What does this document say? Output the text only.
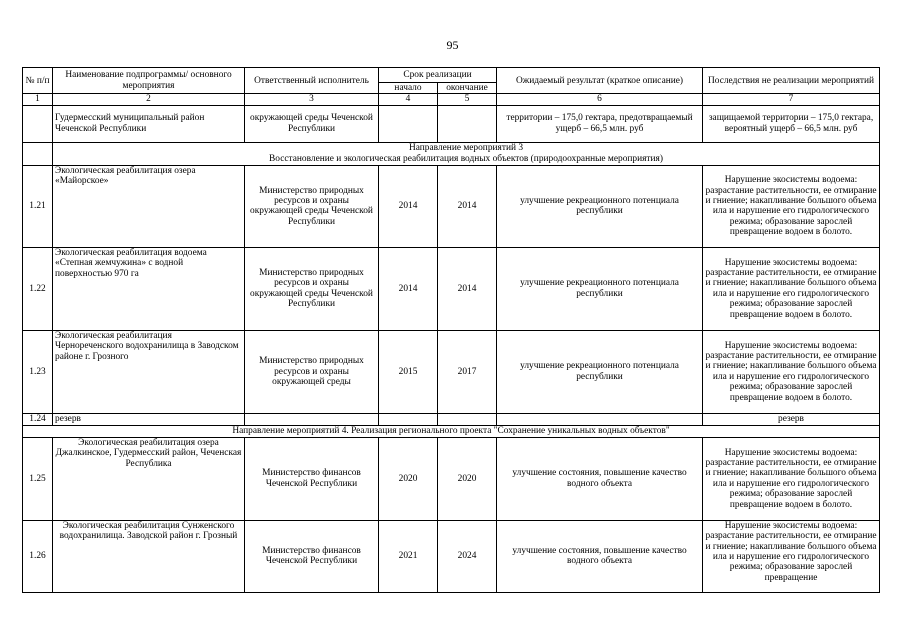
95
№ п/п	Наименование подпрограммы/ основного мероприятия	Ответственный исполнитель	Срок реализации		Ожидаемый результат (краткое описание)	Последствия не реализации мероприятий
			начало	окончание		
1	2	3	4	5	6	7
	Гудермесский муниципальный район Чеченской Республики	окружающей среды Чеченской Республики			территории – 175,0 гектара, предотвращаемый ущерб – 66,5 млн. руб	защищаемой территории – 175,0 гектара, вероятный ущерб – 66,5 млн. руб

	Направление мероприятий 3
Восстановление и экологическая реабилитация водных объектов (природоохранные мероприятия)					

1.21	Экологическая реабилитация озера «Майорское»	Министерство природных ресурсов и охраны окружающей среды Чеченской Республики	2014	2014	улучшение рекреационного потенциала республики	Нарушение экосистемы водоема: разрастание растительности, ее отмирание и гниение; накапливание большого объема ила и нарушение его гидрологического режима; образование зарослей превращение водоем в болото.
1.22	Экологическая реабилитация водоема «Степная жемчужина» с водной поверхностью 970 га	Министерство природных ресурсов и охраны окружающей среды Чеченской Республики	2014	2014	улучшение рекреационного потенциала республики	Нарушение экосистемы водоема: разрастание растительности, ее отмирание и гниение; накапливание большого объема ила и нарушение его гидрологического режима; образование зарослей превращение водоем в болото.
1.23	Экологическая реабилитация Чернореченского водохранилища в Заводском районе г. Грозного	Министерство природных ресурсов и охраны окружающей среды	2015	2017	улучшение рекреационного потенциала республики	Нарушение экосистемы водоема: разрастание растительности, ее отмирание и гниение; накапливание большого объема ила и нарушение его гидрологического режима; образование зарослей превращение водоем в болото.
1.24	резерв					резерв
Направление мероприятий 4. Реализация регионального проекта "Сохранение уникальных водных объектов"						
1.25	Экологическая реабилитация озера Джалкинское, Гудермесский район, Чеченская Республика	Министерство финансов Чеченской Республики	2020	2020	улучшение состояния, повышение качество водного объекта	Нарушение экосистемы водоема: разрастание растительности, ее отмирание и гниение; накапливание большого объема ила и нарушение его гидрологического режима; образование зарослей превращение водоем в болото.
1.26	Экологическая реабилитация Сунженского водохранилища. Заводской район г. Грозный	Министерство финансов Чеченской Республики	2021	2024	улучшение состояния, повышение качество водного объекта	Нарушение экосистемы водоема: разрастание растительности, ее отмирание и гниение; накапливание большого объема ила и нарушение его гидрологического режима; образование зарослей превращение
